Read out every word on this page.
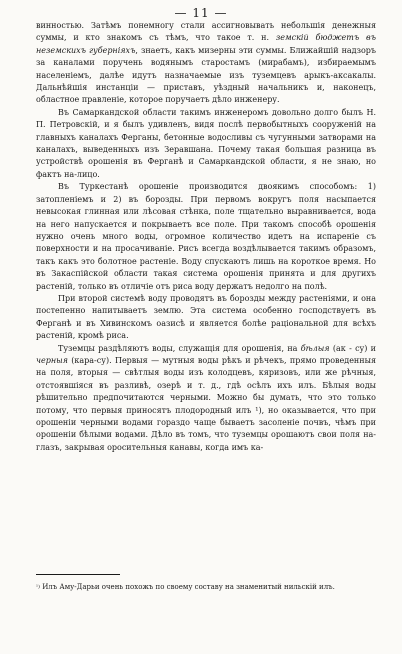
— 11 —

винностью. Затѣмъ понемногу стали ассигновывать небольшія денежныя суммы, и кто знакомъ съ тѣмъ, что такое т. н. земскій бюджетъ въ неземскихъ губерніяхъ, знаетъ, какъ мизерны эти суммы. Ближайшій надзоръ за каналами поручень водянымъ старостамъ (мирабамъ), избираемымъ населеніемъ, далѣе идутъ назначаемые изъ туземцевъ арыкъ-аксакалы. Дальнѣйшія инстанціи — приставъ, уѣздный начальникъ и, наконецъ, областное правленіе, которое поручаетъ дѣло инженеру.

Въ Самаркандской области такимъ инженеромъ довольно долго былъ Н. П. Петровскій, и я былъ удивленъ, видя послѣ первобытныхъ сооруженій на главныхъ каналахъ Ферганы, бетонные водосливы съ чугунными затворами на каналахъ, выведенныхъ изъ Зеравшана. Почему такая большая разница въ устройствѣ орошенія въ Ферганѣ и Самаркандской области, я не знаю, но фактъ на-лицо.

Въ Туркестанѣ орошеніе производится двоякимъ способомъ: 1) затопленіемъ и 2) въ борозды. При первомъ вокругъ поля насыпается невысокая глинная или лѣсовая стѣнка, поле тщательно выравнивается, вода на него напускается и покрываетъ все поле. При такомъ способѣ орошенія нужно очень много воды, огромное количество идетъ на испареніе съ поверхности и на просачиваніе. Рисъ всегда воздѣлывается такимъ образомъ, такъ какъ это болотное растеніе. Воду спускаютъ лишь на короткое время. Но въ Закаспійской области такая система орошенія принята и для другихъ растеній, только въ отличіе отъ риса воду держатъ недолго на полѣ.

При второй системѣ воду проводятъ въ борозды между растеніями, и она постепенно напитываетъ землю. Эта система особенно господствуетъ въ Ферганѣ и въ Хивинскомъ оазисѣ и является болѣе раціональной для всѣхъ растеній, кромѣ риса.

Туземцы раздѣляютъ воды, служащія для орошенія, на бѣлыя (ак - су) и черныя (кара-су). Первыя — мутныя воды рѣкъ и рѣчекъ, прямо проведенныя на поля, вторыя — свѣтлыя воды изъ колодцевъ, кяризовъ, или же рѣчныя, отстоявшіяся въ разливѣ, озерѣ и т. д., гдѣ осѣлъ ихъ илъ. Бѣлыя воды рѣшительно предпочитаются черными. Можно бы думать, что это только потому, что первыя приносятъ плодородный илъ ¹), но оказывается, что при орошеніи черными водами гораздо чаще бываетъ засоленіе почвъ, чѣмъ при орошеніи бѣлыми водами. Дѣло въ томъ, что туземцы орошаютъ свои поля на-глазъ, закрывая оросительныя канавы, когда имъ ка-

$^{^1)}$ Илъ Аму-Дарьи очень похожъ по своему составу на знаменитый нильскій илъ.
